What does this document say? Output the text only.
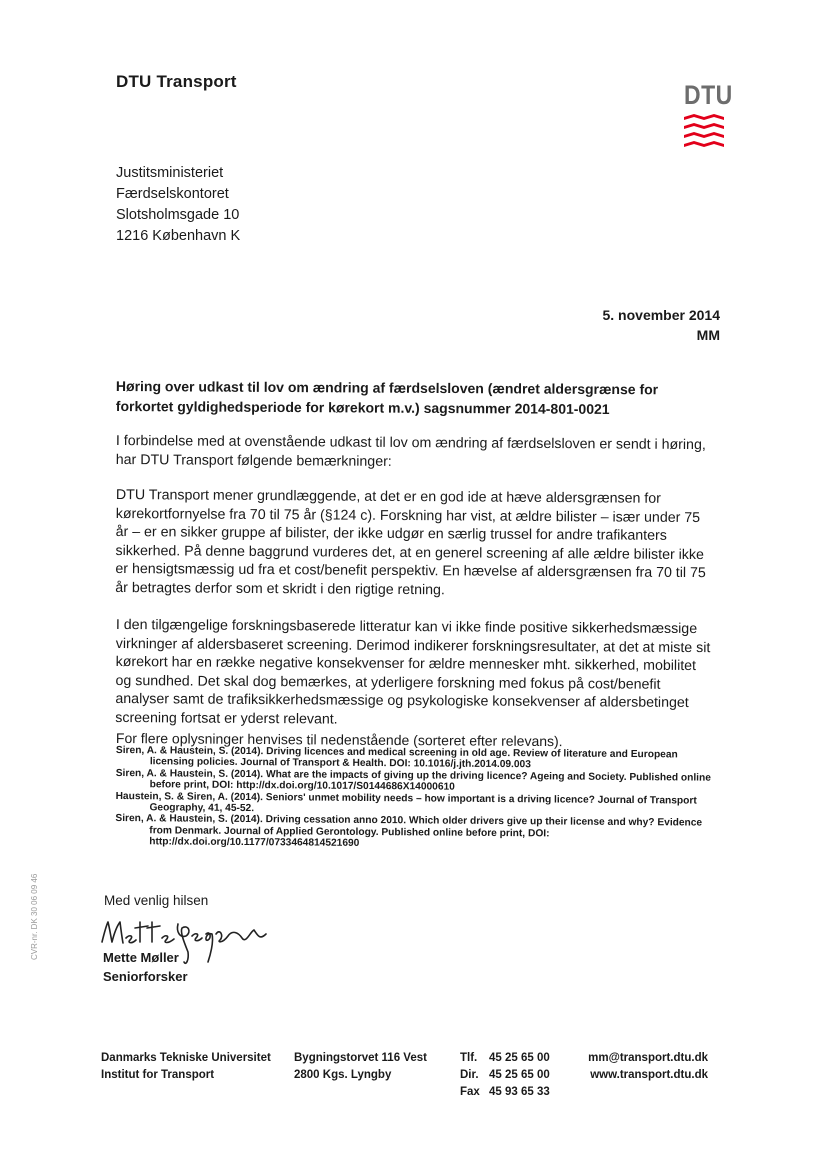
DTU Transport	DTU
Justitsministeriet
Færdselskontoret
Slotsholmsgade 10
1216 København K
5. november 2014
MM
Høring over udkast til lov om ændring af færdselsloven (ændret aldersgrænse for forkortet gyldighedsperiode for kørekort m.v.) sagsnummer 2014-801-0021
I forbindelse med at ovenstående udkast til lov om ændring af færdselsloven er sendt i høring, har DTU Transport følgende bemærkninger:
DTU Transport mener grundlæggende, at det er en god ide at hæve aldersgrænsen for kørekortfornyelse fra 70 til 75 år (§124 c). Forskning har vist, at ældre bilister – især under 75 år – er en sikker gruppe af bilister, der ikke udgør en særlig trussel for andre trafikanters sikkerhed. På denne baggrund vurderes det, at en generel screening af alle ældre bilister ikke er hensigtsmæssig ud fra et cost/benefit perspektiv. En hævelse af aldersgrænsen fra 70 til 75 år betragtes derfor som et skridt i den rigtige retning.
I den tilgængelige forskningsbaserede litteratur kan vi ikke finde positive sikkerhedsmæssige virkninger af aldersbaseret screening. Derimod indikerer forskningsresultater, at det at miste sit kørekort har en række negative konsekvenser for ældre mennesker mht. sikkerhed, mobilitet og sundhed. Det skal dog bemærkes, at yderligere forskning med fokus på cost/benefit analyser samt de trafiksikkerhedsmæssige og psykologiske konsekvenser af aldersbetinget screening fortsat er yderst relevant.
For flere oplysninger henvises til nedenstående (sorteret efter relevans).
Siren, A. & Haustein, S. (2014). Driving licences and medical screening in old age. Review of literature and European licensing policies. Journal of Transport & Health. DOI: 10.1016/j.jth.2014.09.003
Siren, A. & Haustein, S. (2014). What are the impacts of giving up the driving licence? Ageing and Society. Published online before print, DOI: http://dx.doi.org/10.1017/S0144686X14000610
Haustein, S. & Siren, A. (2014). Seniors' unmet mobility needs – how important is a driving licence? Journal of Transport Geography, 41, 45-52.
Siren, A. & Haustein, S. (2014). Driving cessation anno 2010. Which older drivers give up their license and why? Evidence from Denmark. Journal of Applied Gerontology. Published online before print, DOI: http://dx.doi.org/10.1177/0733464814521690
Med venlig hilsen
Mette Møller
Seniorforsker
CVR-nr. DK 30 06 09 46
Danmarks Tekniske Universitet
Institut for Transport
Bygningstorvet 116 Vest
2800 Kgs. Lyngby
Tlf.	45 25 65 00
Dir. 45 25 65 00
Fax 45 93 65 33
mm@transport.dtu.dk
www.transport.dtu.dk
